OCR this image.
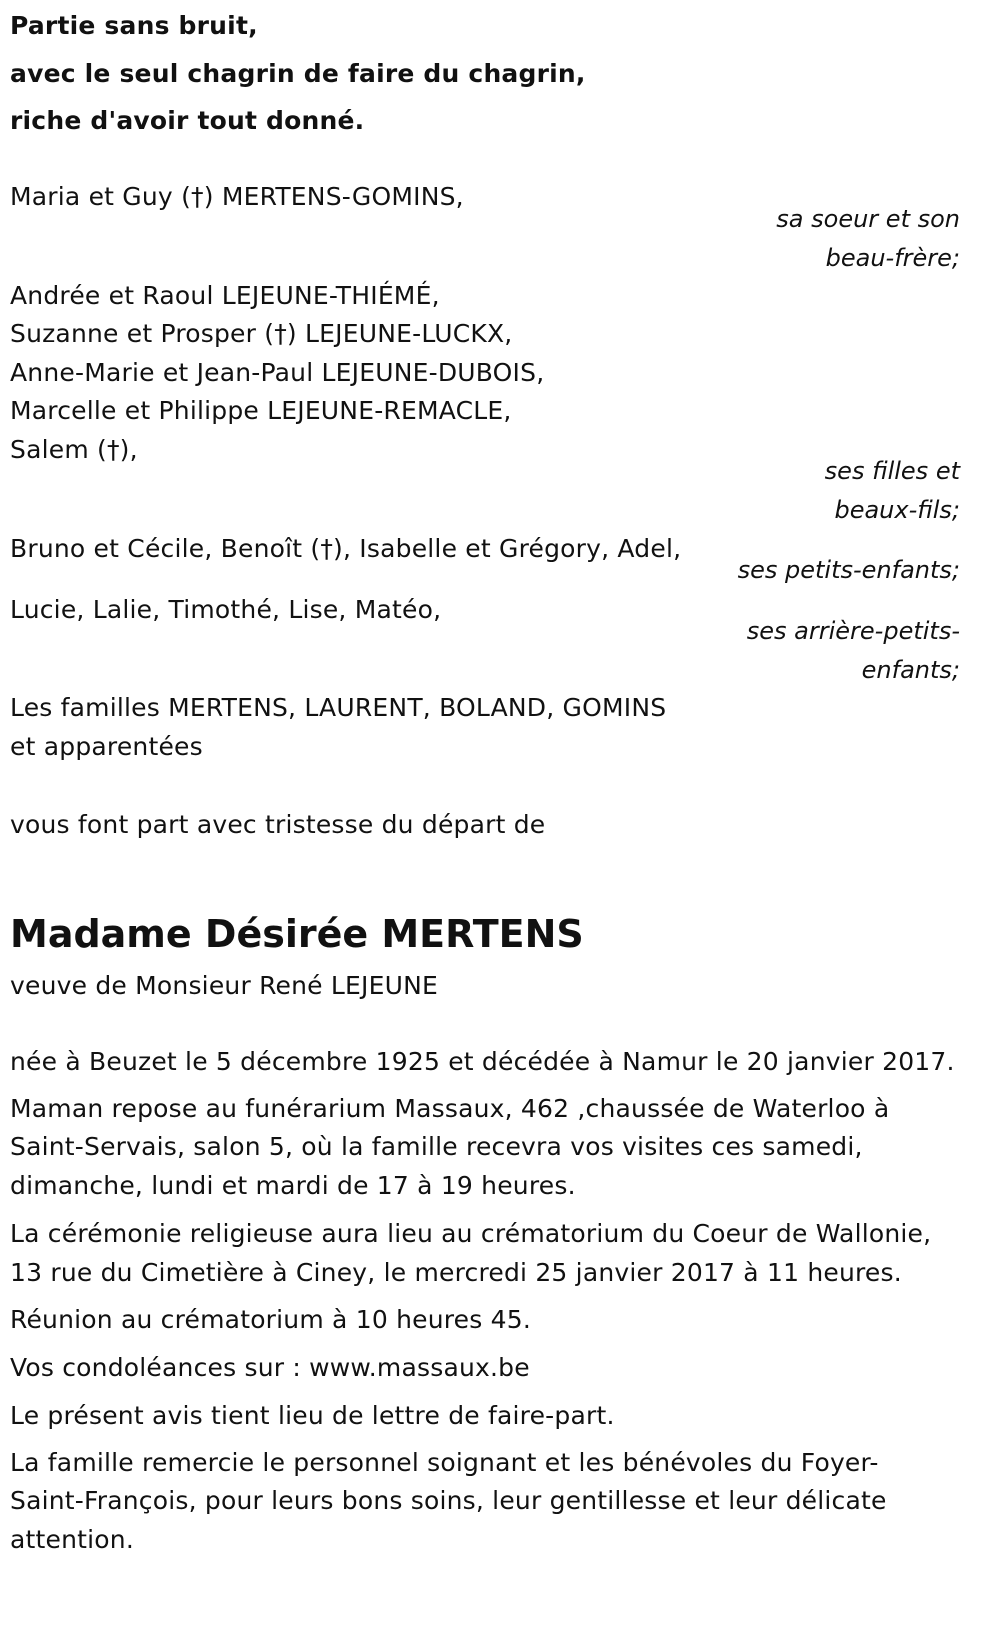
Partie sans bruit,
avec le seul chagrin de faire du chagrin,
riche d'avoir tout donné.
Maria et Guy (†) MERTENS-GOMINS,
sa soeur et son
beau-frère;
Andrée et Raoul LEJEUNE-THIÉMÉ,
Suzanne et Prosper (†) LEJEUNE-LUCKX,
Anne-Marie et Jean-Paul LEJEUNE-DUBOIS,
Marcelle et Philippe LEJEUNE-REMACLE,
Salem (†),
ses filles et
beaux-fils;
Bruno et Cécile, Benoît (†), Isabelle et Grégory, Adel,
ses petits-enfants;
Lucie, Lalie, Timothé, Lise, Matéo,
ses arrière-petits-
enfants;
Les familles MERTENS, LAURENT, BOLAND, GOMINS
et apparentées
vous font part avec tristesse du départ de
Madame Désirée MERTENS
veuve de Monsieur René LEJEUNE
née à Beuzet le 5 décembre 1925 et décédée à Namur le 20 janvier 2017.
Maman repose au funérarium Massaux, 462 ,chaussée de Waterloo à
Saint-Servais, salon 5, où la famille recevra vos visites ces samedi,
dimanche, lundi et mardi de 17 à 19 heures.
La cérémonie religieuse aura lieu au crématorium du Coeur de Wallonie,
13 rue du Cimetière à Ciney, le mercredi 25 janvier 2017 à 11 heures.
Réunion au crématorium à 10 heures 45.
Vos condoléances sur : www.massaux.be
Le présent avis tient lieu de lettre de faire-part.
La famille remercie le personnel soignant et les bénévoles du Foyer-
Saint-François, pour leurs bons soins, leur gentillesse et leur délicate
attention.
